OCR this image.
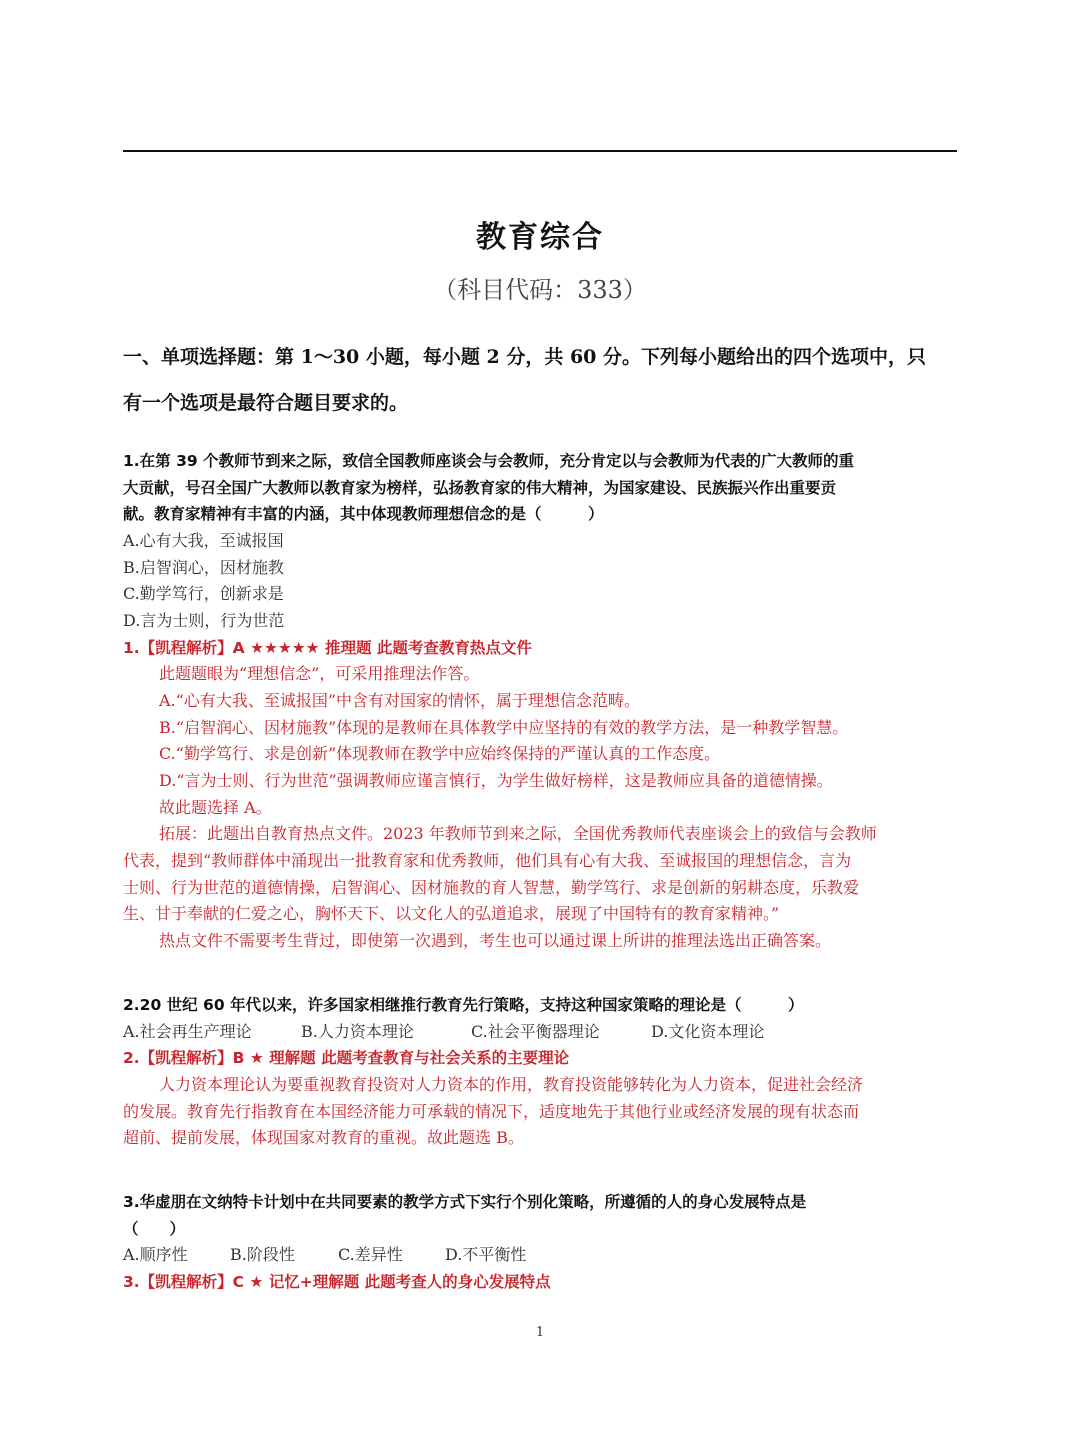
教育综合
（科目代码：333）
一、单项选择题：第 1～30 小题，每小题 2 分，共 60 分。下列每小题给出的四个选项中，只
有一个选项是最符合题目要求的。
1.在第 39 个教师节到来之际，致信全国教师座谈会与会教师，充分肯定以与会教师为代表的广大教师的重
大贡献，号召全国广大教师以教育家为榜样，弘扬教育家的伟大精神，为国家建设、民族振兴作出重要贡
献。教育家精神有丰富的内涵，其中体现教师理想信念的是（　　　）
A.心有大我，至诚报国
B.启智润心，因材施教
C.勤学笃行，创新求是
D.言为士则，行为世范
1.【凯程解析】A ★★★★★ 推理题 此题考查教育热点文件
此题题眼为“理想信念”，可采用推理法作答。
A.“心有大我、至诚报国”中含有对国家的情怀，属于理想信念范畴。
B.“启智润心、因材施教”体现的是教师在具体教学中应坚持的有效的教学方法，是一种教学智慧。
C.“勤学笃行、求是创新”体现教师在教学中应始终保持的严谨认真的工作态度。
D.“言为士则、行为世范”强调教师应谨言慎行，为学生做好榜样，这是教师应具备的道德情操。
故此题选择 A。
拓展：此题出自教育热点文件。2023 年教师节到来之际，全国优秀教师代表座谈会上的致信与会教师
代表，提到“教师群体中涌现出一批教育家和优秀教师，他们具有心有大我、至诚报国的理想信念，言为
士则、行为世范的道德情操，启智润心、因材施教的育人智慧，勤学笃行、求是创新的躬耕态度，乐教爱
生、甘于奉献的仁爱之心，胸怀天下、以文化人的弘道追求，展现了中国特有的教育家精神。”
热点文件不需要考生背过，即使第一次遇到，考生也可以通过课上所讲的推理法选出正确答案。
2.20 世纪 60 年代以来，许多国家相继推行教育先行策略，支持这种国家策略的理论是（　　　）
A.社会再生产理论	B.人力资本理论	C.社会平衡器理论	D.文化资本理论
2.【凯程解析】B ★ 理解题 此题考查教育与社会关系的主要理论
人力资本理论认为要重视教育投资对人力资本的作用，教育投资能够转化为人力资本，促进社会经济
的发展。教育先行指教育在本国经济能力可承载的情况下，适度地先于其他行业或经济发展的现有状态而
超前、提前发展，体现国家对教育的重视。故此题选 B。
3.华虚朋在文纳特卡计划中在共同要素的教学方式下实行个别化策略，所遵循的人的身心发展特点是
（　　）
A.顺序性	B.阶段性	C.差异性	D.不平衡性
3.【凯程解析】C ★ 记忆+理解题 此题考查人的身心发展特点
1
